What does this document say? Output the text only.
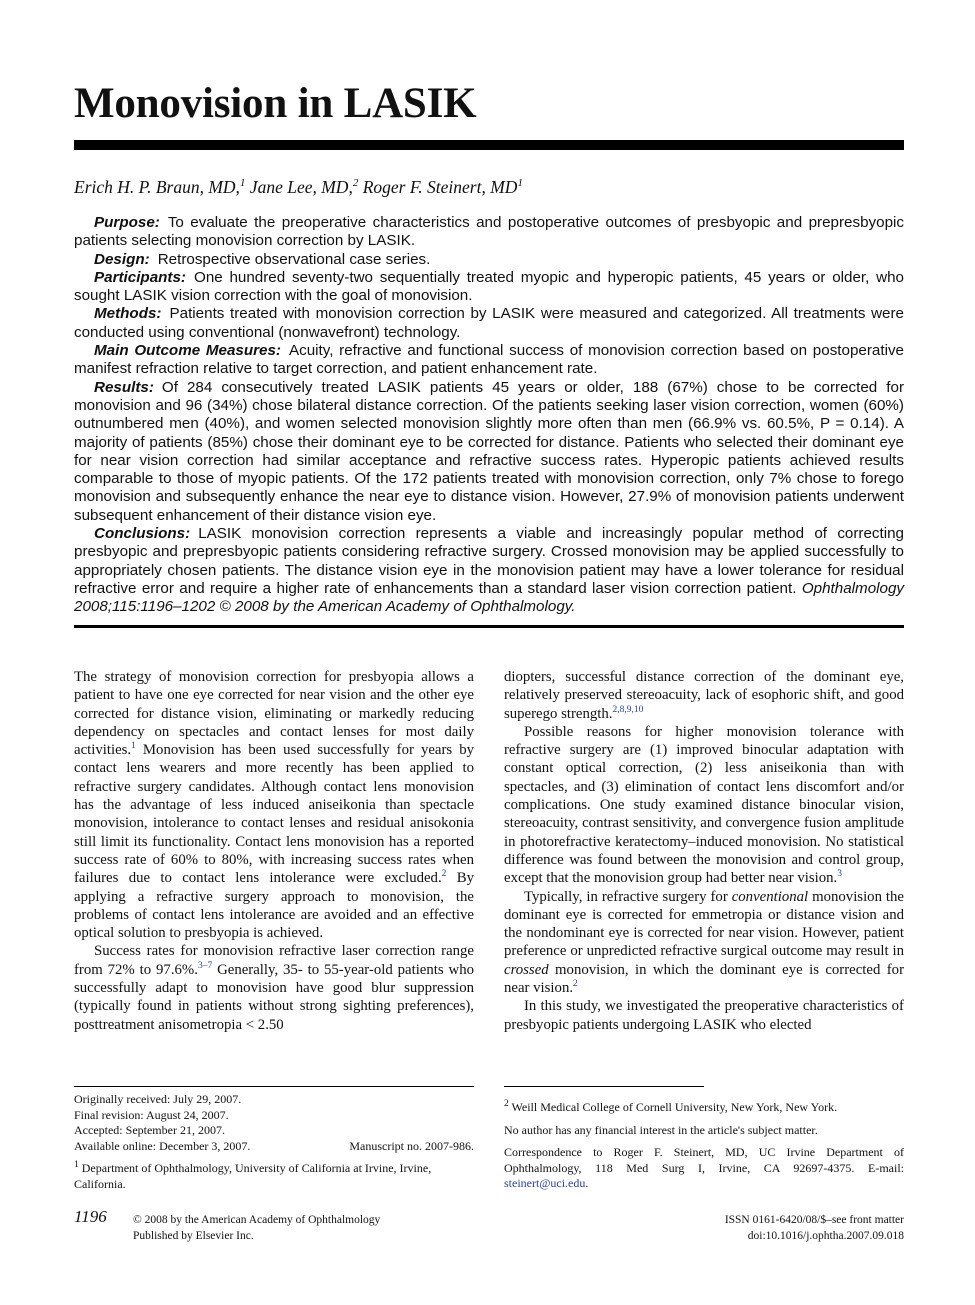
Monovision in LASIK
Erich H. P. Braun, MD,$^1$ Jane Lee, MD,$^2$ Roger F. Steinert, $MD^1$

Purpose: To evaluate the preoperative characteristics and postoperative outcomes of presbyopic and prepresbyopic patients selecting monovision correction by LASIK.

Design: Retrospective observational case series.

Participants: One hundred seventy-two sequentially treated myopic and hyperopic patients, 45 years or older, who sought LASIK vision correction with the goal of monovision.

Methods: Patients treated with monovision correction by LASIK were measured and categorized. All treatments were conducted using conventional (nonwavefront) technology.

Main Outcome Measures: Acuity, refractive and functional success of monovision correction based on postoperative manifest refraction relative to target correction, and patient enhancement rate.

Results: Of 284 consecutively treated LASIK patients 45 years or older, 188 (67%) chose to be corrected for monovision and 96 (34%) chose bilateral distance correction. Of the patients seeking laser vision correction, women (60%) outnumbered men (40%), and women selected monovision slightly more often than men (66.9% vs. 60.5%, P = 0.14). A majority of patients (85%) chose their dominant eye to be corrected for distance. Patients who selected their dominant eye for near vision correction had similar acceptance and refractive success rates. Hyperopic patients achieved results comparable to those of myopic patients. Of the 172 patients treated with monovision correction, only 7% chose to forego monovision and subsequently enhance the near eye to distance vision. However, 27.9% of monovision patients underwent subsequent enhancement of their distance vision eye.

Conclusions: LASIK monovision correction represents a viable and increasingly popular method of correcting presbyopic and prepresbyopic patients considering refractive surgery. Crossed monovision may be applied successfully to appropriately chosen patients. The distance vision eye in the monovision patient may have a lower tolerance for residual refractive error and require a higher rate of enhancements than a standard laser vision correction patient. Ophthalmology 2008;115:1196–1202 © 2008 by the American Academy of Ophthalmology.

The strategy of monovision correction for presbyopia allows a patient to have one eye corrected for near vision and the other eye corrected for distance vision, eliminating or markedly reducing dependency on spectacles and contact lenses for most daily activities.$^1$ Monovision has been used successfully for years by contact lens wearers and more recently has been applied to refractive surgery candidates. Although contact lens monovision has the advantage of less induced aniseikonia than spectacle monovision, intolerance to contact lenses and residual anisokonia still limit its functionality. Contact lens monovision has a reported success rate of 60% to 80%, with increasing success rates when failures due to contact lens intolerance were excluded.$^2$ By applying a refractive surgery approach to monovision, the problems of contact lens intolerance are avoided and an effective optical solution to presbyopia is achieved.

Success rates for monovision refractive laser correction range from 72% to 97.6%.$^{3-7}$ Generally, 35- to 55-year-old patients who successfully adapt to monovision have good blur suppression (typically found in patients without strong sighting preferences), posttreatment anisometropia < 2.50

diopters, successful distance correction of the dominant eye, relatively preserved stereoacuity, lack of esophoric shift, and good superego strength.$^{2,8,9,10}$

Possible reasons for higher monovision tolerance with refractive surgery are (1) improved binocular adaptation with constant optical correction, (2) less aniseikonia than with spectacles, and (3) elimination of contact lens discomfort and/or complications. One study examined distance binocular vision, stereoacuity, contrast sensitivity, and convergence fusion amplitude in photorefractive keratectomy–induced monovision. No statistical difference was found between the monovision and control group, except that the monovision group had better near vision.$^3$

Typically, in refractive surgery for conventional monovision the dominant eye is corrected for emmetropia or distance vision and the nondominant eye is corrected for near vision. However, patient preference or unpredicted refractive surgical outcome may result in crossed monovision, in which the dominant eye is corrected for near vision.$^2$

In this study, we investigated the preoperative characteristics of presbyopic patients undergoing LASIK who elected

Originally received: July 29, 2007.

Final revision: August 24, 2007.

Accepted: September 21, 2007.

Available online: December 3, 2007.	Manuscript no. 2007-986.

$^1$ Department of Ophthalmology, University of California at Irvine, Irvine, California.

$^2$ Weill Medical College of Cornell University, New York, New York.

No author has any financial interest in the article's subject matter.

Correspondence to Roger F. Steinert, MD, UC Irvine Department of Ophthalmology, 118 Med Surg I, Irvine, CA 92697-4375. E-mail: steinert@uci.edu.

1196 © 2008 by the American Academy of Ophthalmology
Published by Elsevier Inc.
ISSN 0161-6420/08/$–see front matter
doi:10.1016/j.ophtha.2007.09.018
